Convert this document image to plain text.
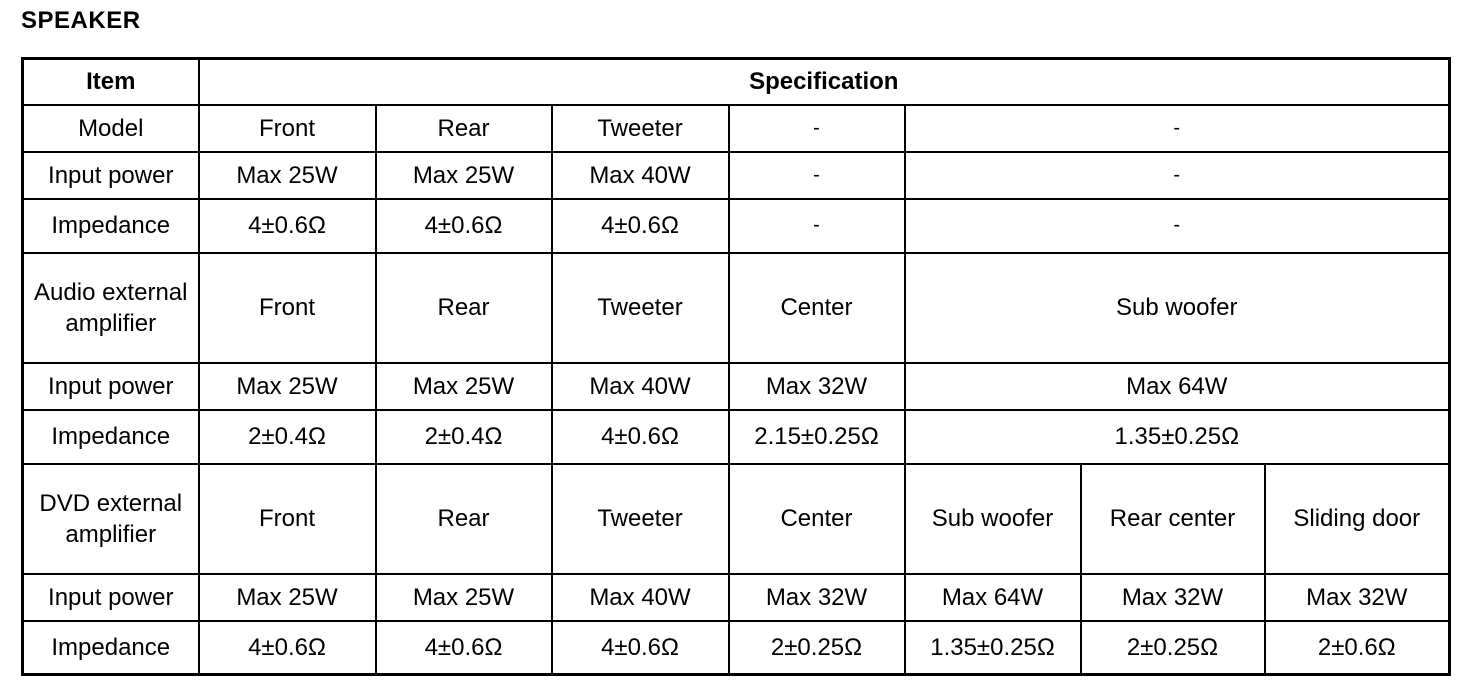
SPEAKER
Item	Specification						
Model	Front	Rear	Tweeter	-	-		
Input power	Max 25W	Max 25W	Max 40W	-	-		
Impedance	4±0.6Ω	4±0.6Ω	4±0.6Ω	-	-		
Audio external amplifier	Front	Rear	Tweeter	Center	Sub woofer		
Input power	Max 25W	Max 25W	Max 40W	Max 32W	Max 64W		
Impedance	2±0.4Ω	2±0.4Ω	4±0.6Ω	2.15±0.25Ω	1.35±0.25Ω		
DVD external amplifier	Front	Rear	Tweeter	Center	Sub woofer	Rear center	Sliding door
Input power	Max 25W	Max 25W	Max 40W	Max 32W	Max 64W	Max 32W	Max 32W
Impedance	4±0.6Ω	4±0.6Ω	4±0.6Ω	2±0.25Ω	1.35±0.25Ω	2±0.25Ω	2±0.6Ω
